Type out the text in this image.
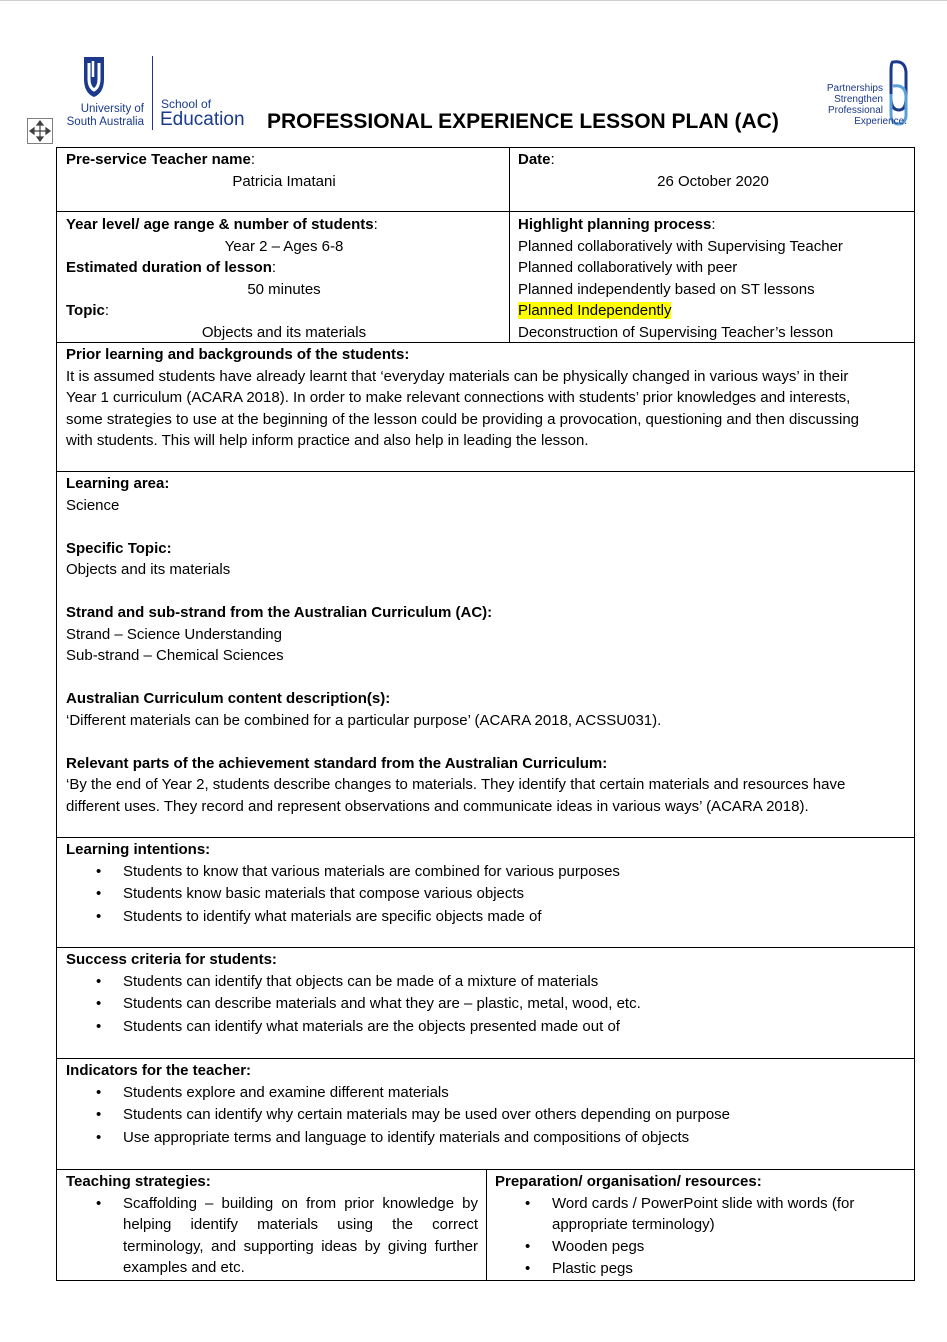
University of
South Australia
School of
Education PROFESSIONAL EXPERIENCE LESSON PLAN (AC)
Partnerships
Strengthen
Professional
Experience.
Pre-service Teacher name:
Patricia Imatani
Date:
26 October 2020
Year level/ age range & number of students:
Year 2 – Ages 6-8
Estimated duration of lesson:
50 minutes
Topic:
Objects and its materials
Highlight planning process:
Planned collaboratively with Supervising Teacher
Planned collaboratively with peer
Planned independently based on ST lessons
Planned Independently
Deconstruction of Supervising Teacher’s lesson
Prior learning and backgrounds of the students:
It is assumed students have already learnt that ‘everyday materials can be physically changed in various ways’ in their
Year 1 curriculum (ACARA 2018). In order to make relevant connections with students’ prior knowledges and interests,
some strategies to use at the beginning of the lesson could be providing a provocation, questioning and then discussing
with students. This will help inform practice and also help in leading the lesson.
Learning area:
Science

Specific Topic:
Objects and its materials

Strand and sub-strand from the Australian Curriculum (AC):
Strand – Science Understanding
Sub-strand – Chemical Sciences

Australian Curriculum content description(s):
‘Different materials can be combined for a particular purpose’ (ACARA 2018, ACSSU031).

Relevant parts of the achievement standard from the Australian Curriculum:
‘By the end of Year 2, students describe changes to materials. They identify that certain materials and resources have
different uses. They record and represent observations and communicate ideas in various ways’ (ACARA 2018).
Learning intentions:
• Students to know that various materials are combined for various purposes
• Students know basic materials that compose various objects
• Students to identify what materials are specific objects made of
Success criteria for students:
• Students can identify that objects can be made of a mixture of materials
• Students can describe materials and what they are – plastic, metal, wood, etc.
• Students can identify what materials are the objects presented made out of
Indicators for the teacher:
• Students explore and examine different materials
• Students can identify why certain materials may be used over others depending on purpose
• Use appropriate terms and language to identify materials and compositions of objects
Teaching strategies:
• Scaffolding – building on from prior knowledge by helping identify materials using the correct terminology, and supporting ideas by giving further examples and etc.
Preparation/ organisation/ resources:
• Word cards / PowerPoint slide with words (for appropriate terminology)
• Wooden pegs
• Plastic pegs
